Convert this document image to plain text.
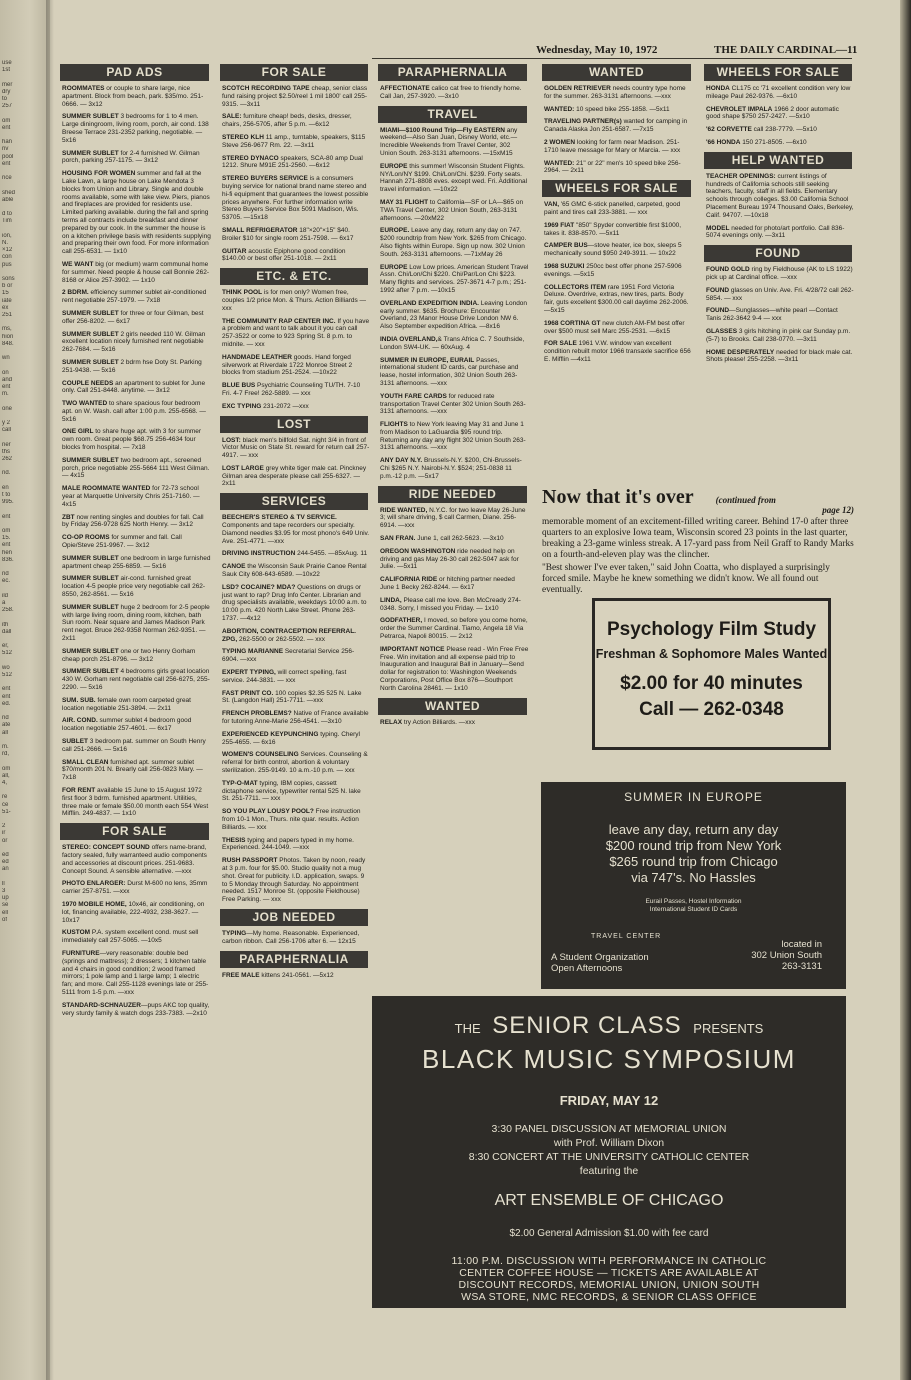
use
1st
mer
dry
to
257
om
ent
han
riv
pool
ent
rice
shed
able
d to
Tim
ion,
N.
×12
con
pus
sons
b or
15
iate
ex
251
ms,
hion
848.
wn
on
and
ent
m.
one
y 2
call
ner
ths
262
nd.
en
t to
995.
ent
om
15.
ent
hen
836.
nd
ec.
ild
a
258.
ith
dall
er,
512
wo
512
ent
ent
ed.
nd
ate
all
m.
rd,
om
all,
4,
re
ce
51-
2
ir
or
ed
ed
an
ll
3
up
se
ell
of
Wednesday, May 10, 1972	THE DAILY CARDINAL—11
PAD ADS
ROOMMATES or couple to share large, nice apartment. Block from beach, park. $35/mo. 251-0666. — 3x12
SUMMER SUBLET 3 bedrooms for 1 to 4 men. Large diningroom, living room, porch, air cond. 138 Breese Terrace 231-2352 parking, negotiable. — 5x16
SUMMER SUBLET for 2-4 furnished W. Gilman porch, parking 257-1175. — 3x12
HOUSING FOR WOMEN summer and fall at the Lake Lawn, a large house on Lake Mendota 3 blocks from Union and Library. Single and double rooms available, some with lake view. Piers, pianos and fireplaces are provided for residents use. Limited parking available. during the fall and spring terms all contracts include breakfast and dinner prepared by our cook. In the summer the house is on a kitchen privilege basis with residents supplying and preparing their own food. For more information call 255-6531. — 1x10
WE WANT big (or medium) warm communal home for summer. Need people & house call Bonnie 262-8168 or Alice 257-3902. — 1x10
2 BDRM. efficiency summer sublet air-conditioned rent negotiable 257-1979. — 7x18
SUMMER SUBLET for three or four Gilman, best offer 256-8202. — 6x17
SUMMER SUBLET 2 girls needed 110 W. Gilman excellent location nicely furnished rent negotiable 262-7684. — 5x16
SUMMER SUBLET 2 bdrm hse Doty St. Parking 251-9438. — 5x16
COUPLE NEEDS an apartment to sublet for June only. Call 251-8448. anytime. — 3x12
TWO WANTED to share spacious four bedroom apt. on W. Wash. call after 1:00 p.m. 255-6568. — 5x16
ONE GIRL to share huge apt. with 3 for summer own room. Great people $68.75 256-4634 four blocks from hospital. — 7x18
SUMMER SUBLET two bedroom apt., screened porch, price negotiable 255-5664 111 West Gilman. — 4x15
MALE ROOMMATE WANTED for 72-73 school year at Marquette University Chris 251-7160. — 4x15
ZBT now renting singles and doubles for fall. Call by Friday 256-9728 625 North Henry. — 3x12
CO-OP ROOMS for summer and fall. Call Opie/Steve 251-9967. — 3x12
SUMMER SUBLET one bedroom in large furnished apartment cheap 255-6859. — 5x16
SUMMER SUBLET air-cond. furnished great location 4-5 people price very negotiable call 262-8550, 262-8561. — 5x16
SUMMER SUBLET huge 2 bedroom for 2-5 people with large living room, dining room, kitchen, bath Sun room. Near square and James Madison Park rent negot. Bruce 262-9358 Norman 262-9351. — 2x11
SUMMER SUBLET one or two Henry Gorham cheap porch 251-8796. — 3x12
SUMMER SUBLET 4 bedrooms girls great location 430 W. Gorham rent negotiable call 256-6275, 255-2290. — 5x16
SUM. SUB. female own room carpeted great location negotiable 251-3894. — 2x11
AIR. COND. summer sublet 4 bedroom good location negotiable 257-4601. — 6x17
SUBLET 3 bedroom pat. summer on South Henry call 251-2666. — 5x16
SMALL CLEAN furnished apt. summer sublet $70/month 201 N. Brearly call 256-0823 Mary. — 7x18
FOR RENT available 15 June to 15 August 1972 first floor 3 bdrm. furnished apartment. Utilities, three male or female $50.00 month each 554 West Mifflin. 249-4837. — 1x10
FOR SALE
STEREO: CONCEPT SOUND offers name-brand, factory sealed, fully warranteed audio components and accessories at discount prices. 251-9683. Concept Sound. A sensible alternative. —xxx
PHOTO ENLARGER: Durst M-600 no lens, 35mm carrier 257-8751. —xxx
1970 MOBILE HOME, 10x46, air conditioning, on lot, financing available, 222-4932, 238-3627. — 10x17
KUSTOM P.A. system excellent cond. must sell immediately call 257-5065. —10x5
FURNITURE—very reasonable: double bed (springs and mattress); 2 dressers; 1 kitchen table and 4 chairs in good condition; 2 wood framed mirrors; 1 pole lamp and 1 large lamp; 1 electric fan; and more. Call 255-1128 evenings late or 255-5111 from 1-5 p.m. —xxx
STANDARD-SCHNAUZER—pups AKC top quality, very sturdy family & watch dogs 233-7383. —2x10
FOR SALE
SCOTCH RECORDING TAPE cheap, senior class fund raising project $2.50/reel 1 mil 1800' call 255-9315. —3x11
SALE: furniture cheap! beds, desks, dresser, chairs, 256-5705, after 5 p.m. —6x12
STEREO KLH 11 amp., turntable, speakers, $115 Steve 256-9677 Rm. 22. —3x11
STEREO DYNACO speakers, SCA-80 amp Dual 1212. Shure M91E 251-2560. —6x12
STEREO BUYERS SERVICE is a consumers buying service for national brand name stereo and hi-fi equipment that guarantees the lowest possible prices anywhere. For further information write Stereo Buyers Service Box 5091 Madison, Wis. 53705. —15x18
SMALL REFRIGERATOR 18"×20"×15" $40. Broiler $10 for single room 251-7598. — 6x17
GUITAR acoustic Epiphone good condition $140.00 or best offer 251-1018. — 2x11
ETC. & ETC.
THINK POOL is for men only? Women free, couples 1/2 price Mon. & Thurs. Action Billiards —xxx
THE COMMUNITY RAP CENTER INC. If you have a problem and want to talk about it you can call 257-3522 or come to 923 Spring St. 8 p.m. to midnite. — xxx
HANDMADE LEATHER goods. Hand forged silverwork at Riverdale 1722 Monroe Street 2 blocks from stadium 251-2524. —10x22
BLUE BUS Psychiatric Counseling TU/TH. 7-10 Fri. 4-7 Free! 262-5889. — xxx
EXC TYPING 231-2072 —xxx
LOST
LOST: black men's billfold Sat. night 3/4 in front of Victor Music on State St. reward for return call 257-4917. — xxx
LOST LARGE grey white tiger male cat. Pinckney Gilman area desperate please call 255-6327. — 2x11
SERVICES
BEECHER'S STEREO & TV SERVICE. Components and tape recorders our specialty. Diamond needles $3.95 for most phono's 649 Univ. Ave. 251-4771. —xxx
DRIVING INSTRUCTION 244-5455. —85xAug. 11
CANOE the Wisconsin Sauk Prairie Canoe Rental Sauk City 608-643-6589. —10x22
LSD? COCAINE? MDA? Questions on drugs or just want to rap? Drug Info Center. Librarian and drug specialists available, weekdays 10:00 a.m. to 10:00 p.m. 420 North Lake Street. Phone 263-1737. —4x12
ABORTION, CONTRACEPTION REFERRAL. ZPG, 262-5500 or 262-5502. — xxx
TYPING MARIANNE Secretarial Service 256-6904. —xxx
EXPERT TYPING, will correct spelling, fast service. 244-3831. — xxx
FAST PRINT CO. 100 copies $2.35 525 N. Lake St. (Langdon Hall) 251-7711. —xxx
FRENCH PROBLEMS? Native of France available for tutoring Anne-Marie 256-4541. —3x10
EXPERIENCED KEYPUNCHING typing. Cheryl 255-4655. — 6x16
WOMEN'S COUNSELING Services. Counseling & referral for birth control, abortion & voluntary sterilization. 255-9149. 10 a.m.-10 p.m. — xxx
TYP-O-MAT typing, IBM copies, cassett dictaphone service, typewriter rental 525 N. lake St. 251-7711. — xxx
SO YOU PLAY LOUSY POOL? Free instruction from 10-1 Mon., Thurs. nite quar. results. Action Billiards. — xxx
THESIS typing and papers typed in my home. Experienced. 244-1049. —xxx
RUSH PASSPORT Photos. Taken by noon, ready at 3 p.m. four for $5.00. Studio quality not a mug shot. Great for publicity. I.D. application, swaps. 9 to 5 Monday through Saturday. No appointment needed. 1517 Monroe St. (opposite Fieldhouse) Free Parking. — xxx
JOB NEEDED
TYPING—My home. Reasonable. Experienced, carbon ribbon. Call 256-1706 after 6. — 12x15
PARAPHERNALIA
FREE MALE kittens 241-0561. —5x12
PARAPHERNALIA
AFFECTIONATE calico cat free to friendly home. Call Jan, 257-3920. —3x10
TRAVEL
MIAMI—$100 Round Trip—Fly EASTERN any weekend—Also San Juan, Disney World, etc.—Incredible Weekends from Travel Center, 302 Union South. 263-3131 afternoons. —15xM15
EUROPE this summer! Wisconsin Student Flights. NY/Lon/NY $199. Chi/Lon/Chi. $239. Forty seats. Hannah 271-8808 eves. except wed. Fri. Additional travel information. —10x22
MAY 31 FLIGHT to California—SF or LA—$65 on TWA Travel Center, 302 Union South, 263-3131 afternoons. —20xM22
EUROPE. Leave any day, return any day on 747. $200 roundtrip from New York. $265 from Chicago. Also flights within Europe. Sign up now. 302 Union South. 263-3131 afternoons. —71xMay 26
EUROPE Low Low prices. American Student Travel Assn. Chi/Lon/Chi $220. Chi/Par/Lon Chi $223. Many flights and services. 257-3671 4-7 p.m.; 251-1992 after 7 p.m. —10x15
OVERLAND EXPEDITION INDIA. Leaving London early summer. $635. Brochure: Encounter Overland, 23 Manor House Drive London NW 6. Also September expedition Africa. —8x16
INDIA OVERLAND,& Trans Africa C. 7 Southside, London SW4-UK. — 60xAug. 4
SUMMER IN EUROPE, EURAIL Passes, international student ID cards, car purchase and lease, hostel information, 302 Union South 263-3131 afternoons. —xxx
YOUTH FARE CARDS for reduced rate transportation Travel Center 302 Union South 263-3131 afternoons. —xxx
FLIGHTS to New York leaving May 31 and June 1 from Madison to LaGuardia $95 round trip. Returning any day any flight 302 Union South 263-3131 afternoons. —xxx
ANY DAY N.Y. Brussels-N.Y. $200, Chi-Brussels-Chi $265 N.Y. Nairobi-N.Y. $524; 251-0838 11 p.m.-12 p.m. —5x17
RIDE NEEDED
RIDE WANTED, N.Y.C. for two leave May 26-June 3; will share driving, $ call Carmen, Diane. 256-6914. —xxx
SAN FRAN. June 1, call 262-5623. —3x10
OREGON WASHINGTON ride needed help on driving and gas May 26-30 call 262-5047 ask for Julie. —5x11
CALIFORNIA RIDE or hitching partner needed June 1 Becky 262-8244. — 6x17
LINDA, Please call me love. Ben McCready 274-0348. Sorry, I missed you Friday. — 1x10
GODFATHER, I moved, so before you come home, order the Summer Cardinal. Tiamo, Angela 18 Via Petrarca, Napoli 80015. — 2x12
IMPORTANT NOTICE Please read - Win Free Free Free. Win invitation and all expense paid trip to Inauguration and Inaugural Ball in January—Send dollar for registration to: Washington Weekends Corporations, Post Office Box 876—Southport North Carolina 28461. — 1x10
WANTED
RELAX try Action Billiards. —xxx
WANTED
GOLDEN RETRIEVER needs country type home for the summer. 263-3131 afternoons. —xxx
WANTED: 10 speed bike 255-1858. —5x11
TRAVELING PARTNER(s) wanted for camping in Canada Alaska Jon 251-6587. —7x15
2 WOMEN looking for farm near Madison. 251-1710 leave message for Mary or Marcia. — xxx
WANTED: 21" or 22" men's 10 speed bike 256-2964. — 2x11
WHEELS FOR SALE
VAN, '65 GMC 6-stick panelled, carpeted, good paint and tires call 233-3881. — xxx
1969 FIAT "850" Spyder convertible first $1000, takes it. 838-8570. —5x11
CAMPER BUS—stove heater, ice box, sleeps 5 mechanically sound $950 249-3911. — 10x22
1968 SUZUKI 250cc best offer phone 257-5906 evenings. —5x15
COLLECTORS ITEM rare 1951 Ford Victoria Deluxe. Overdrive, extras, new tires, parts. Body fair, guts excellent $300.00 call daytime 262-2006. —5x15
1968 CORTINA GT new clutch AM-FM best offer over $500 must sell Marc 255-2531. —6x15
FOR SALE 1961 V.W. window van excellent condition rebuilt motor 1966 transaxle sacrifice 656 E. Mifflin —4x11
WHEELS FOR SALE
HONDA CL175 cc '71 excellent condition very low mileage Paul 262-9376. —6x10
CHEVROLET IMPALA 1966 2 door automatic good shape $750 257-2427. —5x10
'62 CORVETTE call 238-7779. —5x10
'66 HONDA 150 271-8505. —6x10
HELP WANTED
TEACHER OPENINGS: current listings of hundreds of California schools still seeking teachers, faculty, staff in all fields. Elementary schools through colleges. $3.00 California School Placement Bureau 1974 Thousand Oaks, Berkeley, Calif. 94707. —10x18
MODEL needed for photo/art portfolio. Call 836-5074 evenings only. —3x11
FOUND
FOUND GOLD ring by Fieldhouse (AK to LS 1922) pick up at Cardinal office. —xxx
FOUND glasses on Univ. Ave. Fri. 4/28/72 call 262-5854. — xxx
FOUND—Sunglasses—white pearl —Contact Tanis 262-3642 9-4 — xxx
GLASSES 3 girls hitching in pink car Sunday p.m. (5-7) to Brooks. Call 238-0770. —3x11
HOME DESPERATELY needed for black male cat. Shots please! 255-2258. —3x11
Now that it's over (continued from
page 12)

memorable moment of an excitement-filled writing career. Behind 17-0 after three quarters to an explosive Iowa team, Wisconsin scored 23 points in the last quarter, breaking a 23-game winless streak. A 17-yard pass from Neil Graff to Randy Marks on a fourth-and-eleven play was the clincher.

"Best shower I've ever taken," said John Coatta, who displayed a surprisingly forced smile. Maybe he knew something we didn't know. We all found out eventually.

Psychology Film Study
Freshman & Sophomore Males Wanted
$2.00 for 40 minutes
Call — 262-0348
SUMMER IN EUROPE
leave any day, return any day
$200 round trip from New York
$265 round trip from Chicago
via 747's. No Hassles
Eurail Passes, Hostel Information
International Student ID Cards
TRAVEL CENTER
A Student Organization
Open Afternoons
located in
302 Union South
263-3131
THE SENIOR CLASS PRESENTS
BLACK MUSIC SYMPOSIUM
FRIDAY, MAY 12
3:30 PANEL DISCUSSION AT MEMORIAL UNION
with Prof. William Dixon
8:30 CONCERT AT THE UNIVERSITY CATHOLIC CENTER
featuring the
ART ENSEMBLE OF CHICAGO
$2.00 General Admission $1.00 with fee card
11:00 P.M. DISCUSSION WITH PERFORMANCE IN CATHOLIC
CENTER COFFEE HOUSE — TICKETS ARE AVAILABLE AT
DISCOUNT RECORDS, MEMORIAL UNION, UNION SOUTH
WSA STORE, NMC RECORDS, & SENIOR CLASS OFFICE
